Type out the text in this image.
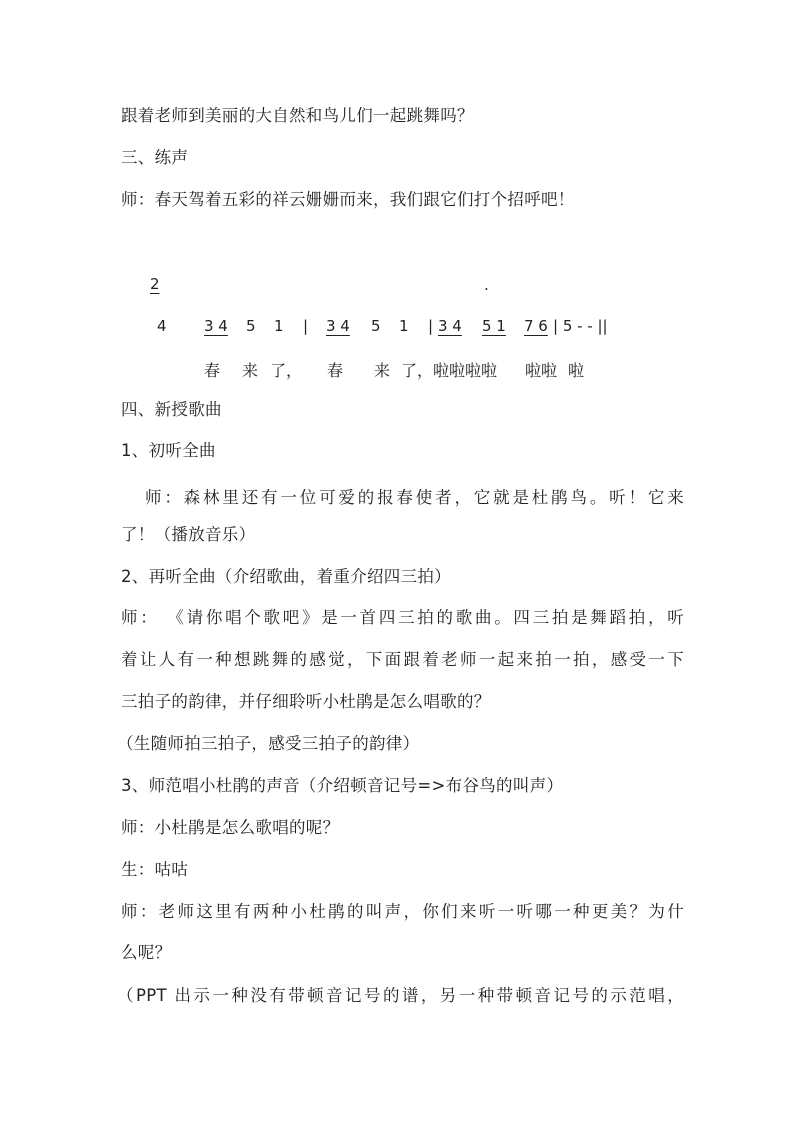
跟着老师到美丽的大自然和鸟儿们一起跳舞吗？
三、练声
师：春天驾着五彩的祥云姗姗而来，我们跟它们打个招呼吧！
2	.
4 3 4 5 1 | 3 4 5 1 | 3 4 5 1 7 6 | 5 - - ||
春 来 了， 春 来 了，啦啦啦啦 啦啦 啦
四、新授歌曲
1、初听全曲
师：森林里还有一位可爱的报春使者，它就是杜鹃鸟。听！它来
了！（播放音乐）
2、再听全曲（介绍歌曲，着重介绍四三拍）
师： 《请你唱个歌吧》是一首四三拍的歌曲。四三拍是舞蹈拍，听
着让人有一种想跳舞的感觉，下面跟着老师一起来拍一拍，感受一下
三拍子的韵律，并仔细聆听小杜鹃是怎么唱歌的？
（生随师拍三拍子，感受三拍子的韵律）
3、师范唱小杜鹃的声音（介绍顿音记号=>布谷鸟的叫声）
师：小杜鹃是怎么歌唱的呢？
生：咕咕
师：老师这里有两种小杜鹃的叫声，你们来听一听哪一种更美？为什
么呢？
（PPT 出示一种没有带顿音记号的谱，另一种带顿音记号的示范唱，
